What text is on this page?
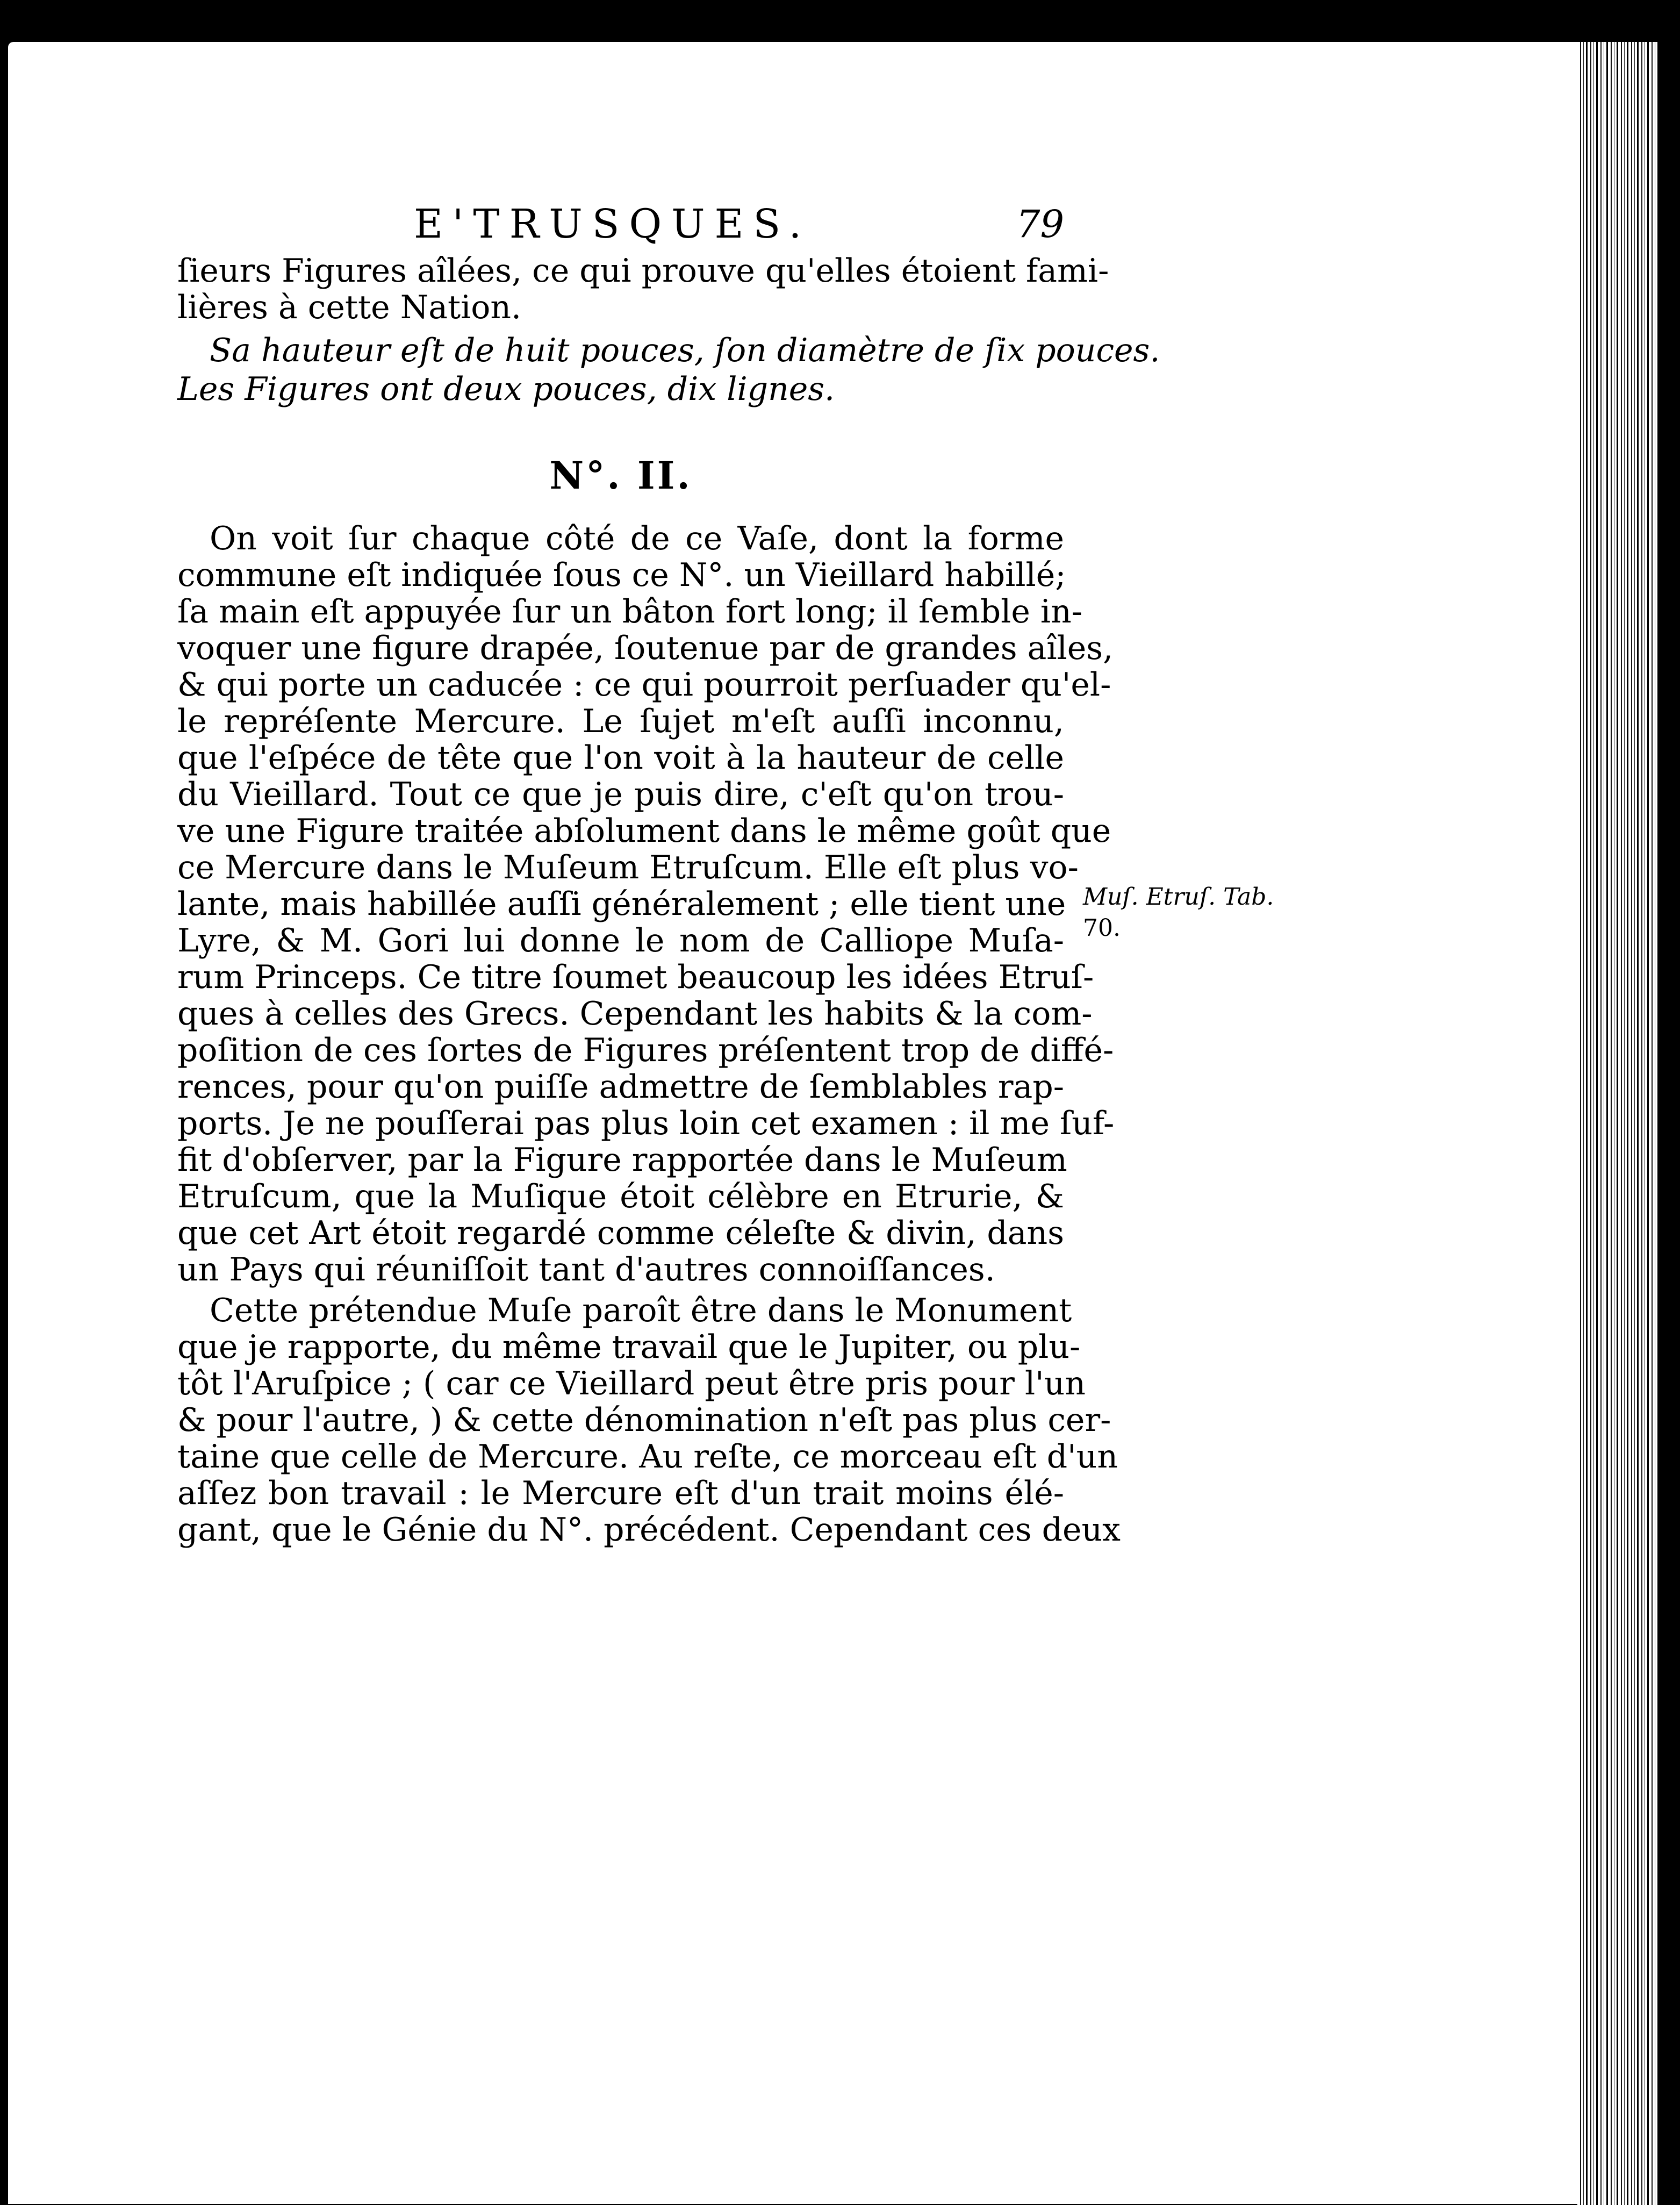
E'TRUSQUES.	79
ſieurs Figures aîlées, ce qui prouve qu'elles étoient fami-
lières à cette Nation.
Sa hauteur eſt de huit pouces, ſon diamètre de ſix pouces.
Les Figures ont deux pouces, dix lignes.
N°. II.
On voit ſur chaque côté de ce Vaſe, dont la forme
commune eſt indiquée ſous ce N°. un Vieillard habillé;
ſa main eſt appuyée ſur un bâton fort long; il ſemble in-
voquer une figure drapée, ſoutenue par de grandes aîles,
& qui porte un caducée : ce qui pourroit perſuader qu'el-
le repréſente Mercure. Le ſujet m'eſt auſſi inconnu,
que l'eſpéce de tête que l'on voit à la hauteur de celle
du Vieillard. Tout ce que je puis dire, c'eſt qu'on trou-
ve une Figure traitée abſolument dans le même goût que
ce Mercure dans le Muſeum Etruſcum. Elle eſt plus vo-
lante, mais habillée auſſi généralement ; elle tient une
Lyre, & M. Gori lui donne le nom de Calliope Muſa-
rum Princeps. Ce titre ſoumet beaucoup les idées Etruſ-
ques à celles des Grecs. Cependant les habits & la com-
poſition de ces ſortes de Figures préſentent trop de diffé-
rences, pour qu'on puiſſe admettre de ſemblables rap-
ports. Je ne pouſſerai pas plus loin cet examen : il me ſuf-
fit d'obſerver, par la Figure rapportée dans le Muſeum
Etruſcum, que la Muſique étoit célèbre en Etrurie, &
que cet Art étoit regardé comme céleſte & divin, dans
un Pays qui réuniſſoit tant d'autres connoiſſances.
Cette prétendue Muſe paroît être dans le Monument
que je rapporte, du même travail que le Jupiter, ou plu-
tôt l'Aruſpice ; ( car ce Vieillard peut être pris pour l'un
& pour l'autre, ) & cette dénomination n'eſt pas plus cer-
taine que celle de Mercure. Au reſte, ce morceau eſt d'un
aſſez bon travail : le Mercure eſt d'un trait moins élé-
gant, que le Génie du N°. précédent. Cependant ces deux
Muſ. Etruſ. Tab.
70.
